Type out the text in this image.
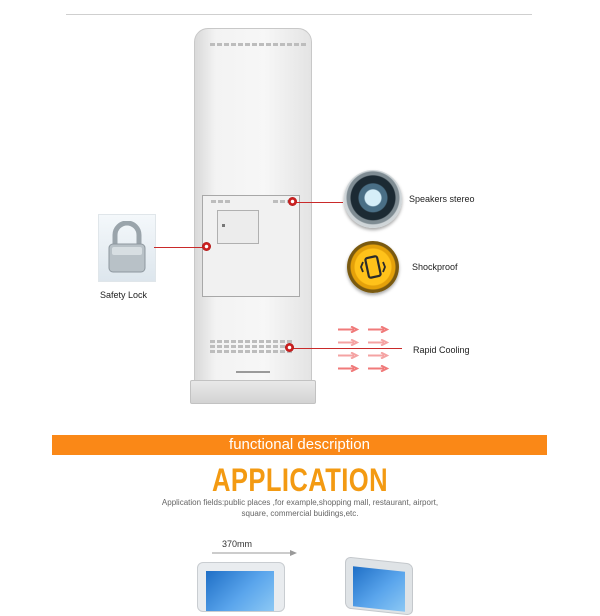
Speakers stereo
Shockproof
Rapid Cooling
Safety Lock
functional description
APPLICATION
Application fields:public places ,for example,shopping mall, restaurant, airport, square, commercial buidings,etc.
370mm
